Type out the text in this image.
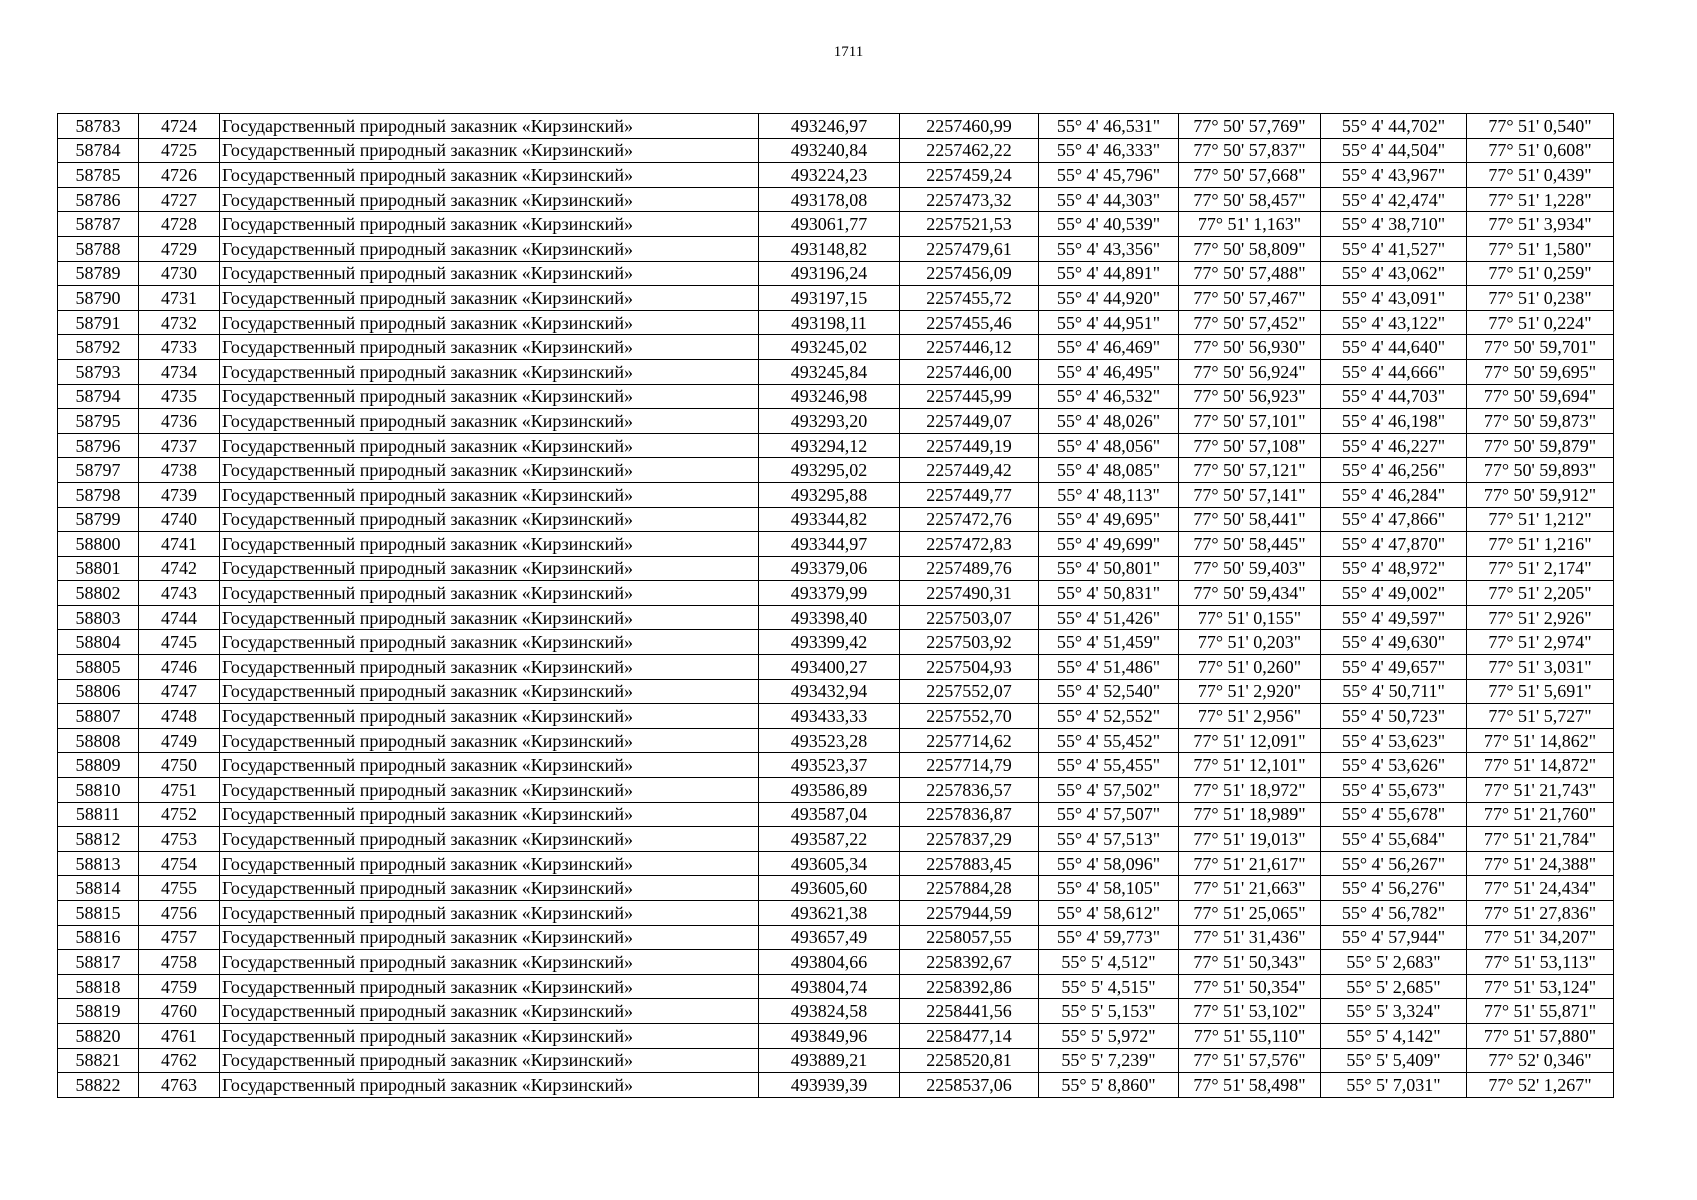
1711
58783	4724	Государственный природный заказник «Кирзинский»	493246,97	2257460,99	55° 4' 46,531"	77° 50' 57,769"	55° 4' 44,702"	77° 51' 0,540"
58784	4725	Государственный природный заказник «Кирзинский»	493240,84	2257462,22	55° 4' 46,333"	77° 50' 57,837"	55° 4' 44,504"	77° 51' 0,608"
58785	4726	Государственный природный заказник «Кирзинский»	493224,23	2257459,24	55° 4' 45,796"	77° 50' 57,668"	55° 4' 43,967"	77° 51' 0,439"
58786	4727	Государственный природный заказник «Кирзинский»	493178,08	2257473,32	55° 4' 44,303"	77° 50' 58,457"	55° 4' 42,474"	77° 51' 1,228"
58787	4728	Государственный природный заказник «Кирзинский»	493061,77	2257521,53	55° 4' 40,539"	77° 51' 1,163"	55° 4' 38,710"	77° 51' 3,934"
58788	4729	Государственный природный заказник «Кирзинский»	493148,82	2257479,61	55° 4' 43,356"	77° 50' 58,809"	55° 4' 41,527"	77° 51' 1,580"
58789	4730	Государственный природный заказник «Кирзинский»	493196,24	2257456,09	55° 4' 44,891"	77° 50' 57,488"	55° 4' 43,062"	77° 51' 0,259"
58790	4731	Государственный природный заказник «Кирзинский»	493197,15	2257455,72	55° 4' 44,920"	77° 50' 57,467"	55° 4' 43,091"	77° 51' 0,238"
58791	4732	Государственный природный заказник «Кирзинский»	493198,11	2257455,46	55° 4' 44,951"	77° 50' 57,452"	55° 4' 43,122"	77° 51' 0,224"
58792	4733	Государственный природный заказник «Кирзинский»	493245,02	2257446,12	55° 4' 46,469"	77° 50' 56,930"	55° 4' 44,640"	77° 50' 59,701"
58793	4734	Государственный природный заказник «Кирзинский»	493245,84	2257446,00	55° 4' 46,495"	77° 50' 56,924"	55° 4' 44,666"	77° 50' 59,695"
58794	4735	Государственный природный заказник «Кирзинский»	493246,98	2257445,99	55° 4' 46,532"	77° 50' 56,923"	55° 4' 44,703"	77° 50' 59,694"
58795	4736	Государственный природный заказник «Кирзинский»	493293,20	2257449,07	55° 4' 48,026"	77° 50' 57,101"	55° 4' 46,198"	77° 50' 59,873"
58796	4737	Государственный природный заказник «Кирзинский»	493294,12	2257449,19	55° 4' 48,056"	77° 50' 57,108"	55° 4' 46,227"	77° 50' 59,879"
58797	4738	Государственный природный заказник «Кирзинский»	493295,02	2257449,42	55° 4' 48,085"	77° 50' 57,121"	55° 4' 46,256"	77° 50' 59,893"
58798	4739	Государственный природный заказник «Кирзинский»	493295,88	2257449,77	55° 4' 48,113"	77° 50' 57,141"	55° 4' 46,284"	77° 50' 59,912"
58799	4740	Государственный природный заказник «Кирзинский»	493344,82	2257472,76	55° 4' 49,695"	77° 50' 58,441"	55° 4' 47,866"	77° 51' 1,212"
58800	4741	Государственный природный заказник «Кирзинский»	493344,97	2257472,83	55° 4' 49,699"	77° 50' 58,445"	55° 4' 47,870"	77° 51' 1,216"
58801	4742	Государственный природный заказник «Кирзинский»	493379,06	2257489,76	55° 4' 50,801"	77° 50' 59,403"	55° 4' 48,972"	77° 51' 2,174"
58802	4743	Государственный природный заказник «Кирзинский»	493379,99	2257490,31	55° 4' 50,831"	77° 50' 59,434"	55° 4' 49,002"	77° 51' 2,205"
58803	4744	Государственный природный заказник «Кирзинский»	493398,40	2257503,07	55° 4' 51,426"	77° 51' 0,155"	55° 4' 49,597"	77° 51' 2,926"
58804	4745	Государственный природный заказник «Кирзинский»	493399,42	2257503,92	55° 4' 51,459"	77° 51' 0,203"	55° 4' 49,630"	77° 51' 2,974"
58805	4746	Государственный природный заказник «Кирзинский»	493400,27	2257504,93	55° 4' 51,486"	77° 51' 0,260"	55° 4' 49,657"	77° 51' 3,031"
58806	4747	Государственный природный заказник «Кирзинский»	493432,94	2257552,07	55° 4' 52,540"	77° 51' 2,920"	55° 4' 50,711"	77° 51' 5,691"
58807	4748	Государственный природный заказник «Кирзинский»	493433,33	2257552,70	55° 4' 52,552"	77° 51' 2,956"	55° 4' 50,723"	77° 51' 5,727"
58808	4749	Государственный природный заказник «Кирзинский»	493523,28	2257714,62	55° 4' 55,452"	77° 51' 12,091"	55° 4' 53,623"	77° 51' 14,862"
58809	4750	Государственный природный заказник «Кирзинский»	493523,37	2257714,79	55° 4' 55,455"	77° 51' 12,101"	55° 4' 53,626"	77° 51' 14,872"
58810	4751	Государственный природный заказник «Кирзинский»	493586,89	2257836,57	55° 4' 57,502"	77° 51' 18,972"	55° 4' 55,673"	77° 51' 21,743"
58811	4752	Государственный природный заказник «Кирзинский»	493587,04	2257836,87	55° 4' 57,507"	77° 51' 18,989"	55° 4' 55,678"	77° 51' 21,760"
58812	4753	Государственный природный заказник «Кирзинский»	493587,22	2257837,29	55° 4' 57,513"	77° 51' 19,013"	55° 4' 55,684"	77° 51' 21,784"
58813	4754	Государственный природный заказник «Кирзинский»	493605,34	2257883,45	55° 4' 58,096"	77° 51' 21,617"	55° 4' 56,267"	77° 51' 24,388"
58814	4755	Государственный природный заказник «Кирзинский»	493605,60	2257884,28	55° 4' 58,105"	77° 51' 21,663"	55° 4' 56,276"	77° 51' 24,434"
58815	4756	Государственный природный заказник «Кирзинский»	493621,38	2257944,59	55° 4' 58,612"	77° 51' 25,065"	55° 4' 56,782"	77° 51' 27,836"
58816	4757	Государственный природный заказник «Кирзинский»	493657,49	2258057,55	55° 4' 59,773"	77° 51' 31,436"	55° 4' 57,944"	77° 51' 34,207"
58817	4758	Государственный природный заказник «Кирзинский»	493804,66	2258392,67	55° 5' 4,512"	77° 51' 50,343"	55° 5' 2,683"	77° 51' 53,113"
58818	4759	Государственный природный заказник «Кирзинский»	493804,74	2258392,86	55° 5' 4,515"	77° 51' 50,354"	55° 5' 2,685"	77° 51' 53,124"
58819	4760	Государственный природный заказник «Кирзинский»	493824,58	2258441,56	55° 5' 5,153"	77° 51' 53,102"	55° 5' 3,324"	77° 51' 55,871"
58820	4761	Государственный природный заказник «Кирзинский»	493849,96	2258477,14	55° 5' 5,972"	77° 51' 55,110"	55° 5' 4,142"	77° 51' 57,880"
58821	4762	Государственный природный заказник «Кирзинский»	493889,21	2258520,81	55° 5' 7,239"	77° 51' 57,576"	55° 5' 5,409"	77° 52' 0,346"
58822	4763	Государственный природный заказник «Кирзинский»	493939,39	2258537,06	55° 5' 8,860"	77° 51' 58,498"	55° 5' 7,031"	77° 52' 1,267"
